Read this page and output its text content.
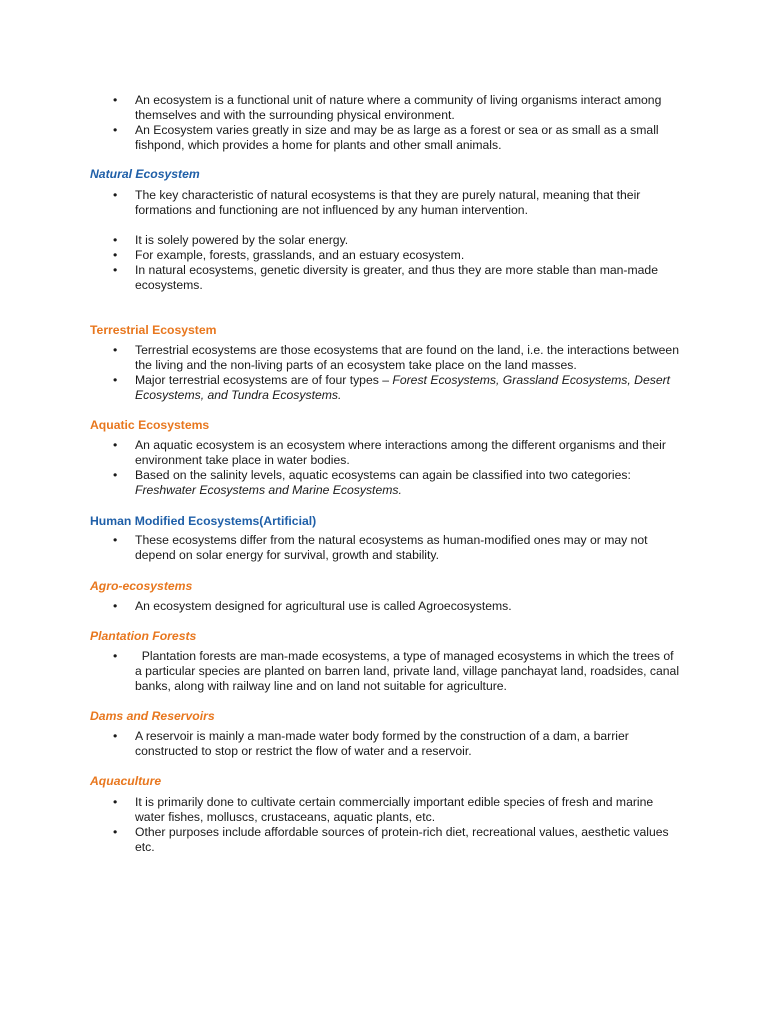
•	An ecosystem is a functional unit of nature where a community of living organisms interact among themselves and with the surrounding physical environment.
•	An Ecosystem varies greatly in size and may be as large as a forest or sea or as small as a small fishpond, which provides a home for plants and other small animals.
Natural Ecosystem
•	The key characteristic of natural ecosystems is that they are purely natural, meaning that their formations and functioning are not influenced by any human intervention.
•	It is solely powered by the solar energy.
•	For example, forests, grasslands, and an estuary ecosystem.
•	In natural ecosystems, genetic diversity is greater, and thus they are more stable than man-made ecosystems.
Terrestrial Ecosystem
•	Terrestrial ecosystems are those ecosystems that are found on the land, i.e. the interactions between the living and the non-living parts of an ecosystem take place on the land masses.
•	Major terrestrial ecosystems are of four types – Forest Ecosystems, Grassland Ecosystems, Desert Ecosystems, and Tundra Ecosystems.
Aquatic Ecosystems
•	An aquatic ecosystem is an ecosystem where interactions among the different organisms and their environment take place in water bodies.
•	Based on the salinity levels, aquatic ecosystems can again be classified into two categories: Freshwater Ecosystems and Marine Ecosystems.
Human Modified Ecosystems(Artificial)
•	These ecosystems differ from the natural ecosystems as human-modified ones may or may not depend on solar energy for survival, growth and stability.
Agro-ecosystems
•	An ecosystem designed for agricultural use is called Agroecosystems.
Plantation Forests
•	Plantation forests are man-made ecosystems, a type of managed ecosystems in which the trees of a particular species are planted on barren land, private land, village panchayat land, roadsides, canal banks, along with railway line and on land not suitable for agriculture.
Dams and Reservoirs
•	A reservoir is mainly a man-made water body formed by the construction of a dam, a barrier constructed to stop or restrict the flow of water and a reservoir.
Aquaculture
•	It is primarily done to cultivate certain commercially important edible species of fresh and marine water fishes, molluscs, crustaceans, aquatic plants, etc.
•	Other purposes include affordable sources of protein-rich diet, recreational values, aesthetic values etc.
